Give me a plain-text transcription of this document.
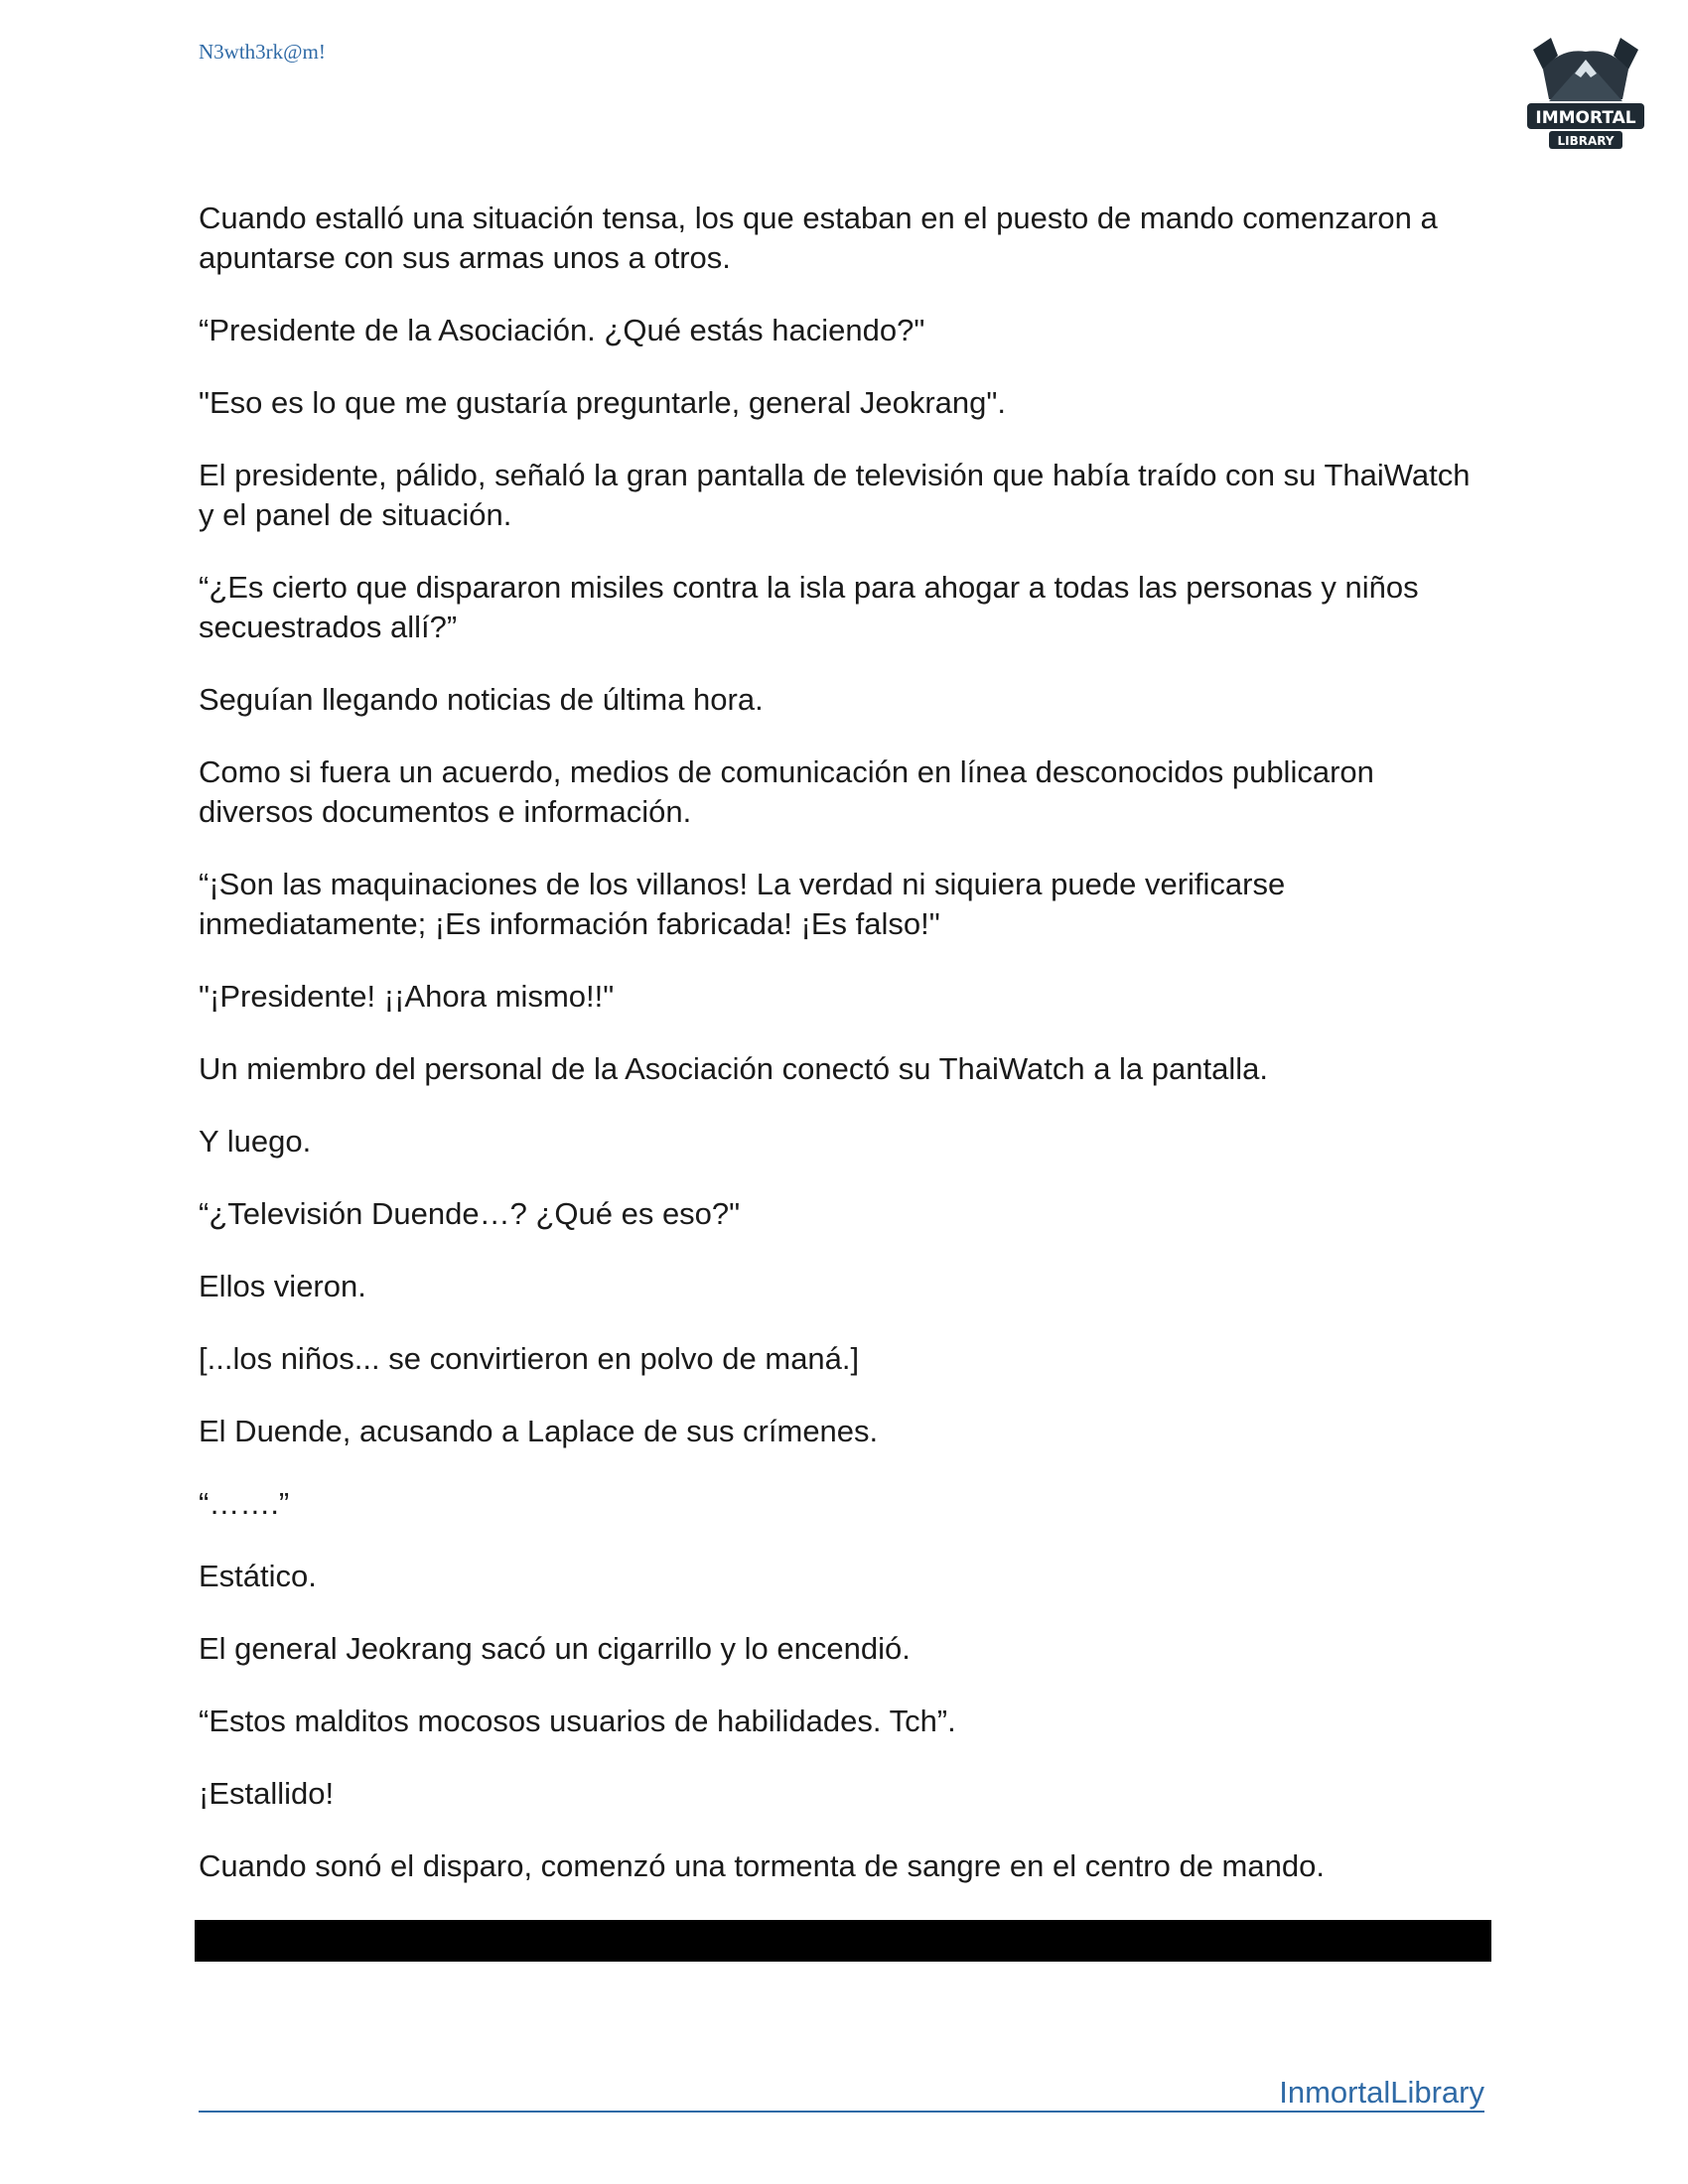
N3wth3rk@m!
IMMORTAL
LIBRARY

Cuando estalló una situación tensa, los que estaban en el puesto de mando comenzaron a apuntarse con sus armas unos a otros.

“Presidente de la Asociación. ¿Qué estás haciendo?"

"Eso es lo que me gustaría preguntarle, general Jeokrang".

El presidente, pálido, señaló la gran pantalla de televisión que había traído con su ThaiWatch y el panel de situación.

“¿Es cierto que dispararon misiles contra la isla para ahogar a todas las personas y niños secuestrados allí?”

Seguían llegando noticias de última hora.

Como si fuera un acuerdo, medios de comunicación en línea desconocidos publicaron diversos documentos e información.

“¡Son las maquinaciones de los villanos! La verdad ni siquiera puede verificarse inmediatamente; ¡Es información fabricada! ¡Es falso!"

"¡Presidente! ¡¡Ahora mismo!!"

Un miembro del personal de la Asociación conectó su ThaiWatch a la pantalla.

Y luego.

“¿Televisión Duende…? ¿Qué es eso?"

Ellos vieron.

[...los niños... se convirtieron en polvo de maná.]

El Duende, acusando a Laplace de sus crímenes.

“…….”

Estático.

El general Jeokrang sacó un cigarrillo y lo encendió.

“Estos malditos mocosos usuarios de habilidades. Tch”.

¡Estallido!

Cuando sonó el disparo, comenzó una tormenta de sangre en el centro de mando.

InmortalLibrary
